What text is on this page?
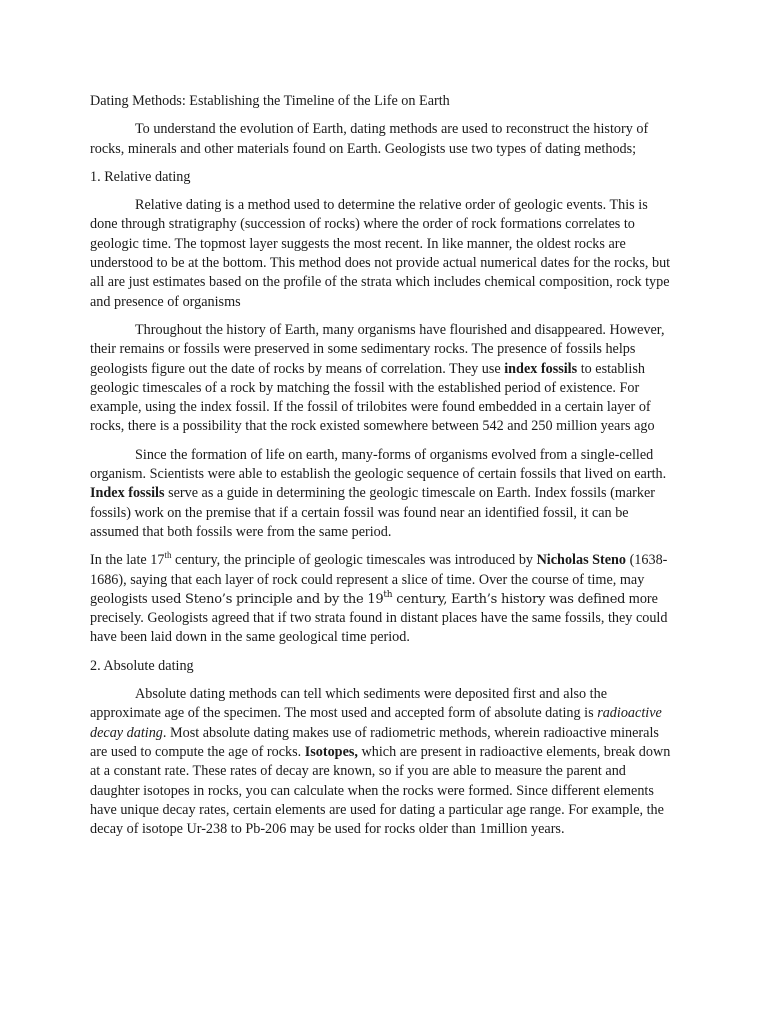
Dating Methods: Establishing the Timeline of the Life on Earth

To understand the evolution of Earth, dating methods are used to reconstruct the history of rocks, minerals and other materials found on Earth. Geologists use two types of dating methods;

1. Relative dating

Relative dating is a method used to determine the relative order of geologic events. This is done through stratigraphy (succession of rocks) where the order of rock formations correlates to geologic time. The topmost layer suggests the most recent. In like manner, the oldest rocks are understood to be at the bottom. This method does not provide actual numerical dates for the rocks, but all are just estimates based on the profile of the strata which includes chemical composition, rock type and presence of organisms

Throughout the history of Earth, many organisms have flourished and disappeared. However, their remains or fossils were preserved in some sedimentary rocks. The presence of fossils helps geologists figure out the date of rocks by means of correlation. They use index fossils to establish geologic timescales of a rock by matching the fossil with the established period of existence. For example, using the index fossil. If the fossil of trilobites were found embedded in a certain layer of rocks, there is a possibility that the rock existed somewhere between 542 and 250 million years ago

Since the formation of life on earth, many-forms of organisms evolved from a single-celled organism. Scientists were able to establish the geologic sequence of certain fossils that lived on earth. Index fossils serve as a guide in determining the geologic timescale on Earth. Index fossils (marker fossils) work on the premise that if a certain fossil was found near an identified fossil, it can be assumed that both fossils were from the same period.

In the late 17th century, the principle of geologic timescales was introduced by Nicholas Steno (1638-1686), saying that each layer of rock could represent a slice of time. Over the course of time, may geologists used Steno’s principle and by the 19th century, Earth’s history was defined more precisely. Geologists agreed that if two strata found in distant places have the same fossils, they could have been laid down in the same geological time period.

2. Absolute dating

Absolute dating methods can tell which sediments were deposited first and also the approximate age of the specimen. The most used and accepted form of absolute dating is radioactive decay dating. Most absolute dating makes use of radiometric methods, wherein radioactive minerals are used to compute the age of rocks. Isotopes, which are present in radioactive elements, break down at a constant rate. These rates of decay are known, so if you are able to measure the parent and daughter isotopes in rocks, you can calculate when the rocks were formed. Since different elements have unique decay rates, certain elements are used for dating a particular age range. For example, the decay of isotope Ur-238 to Pb-206 may be used for rocks older than 1million years.
